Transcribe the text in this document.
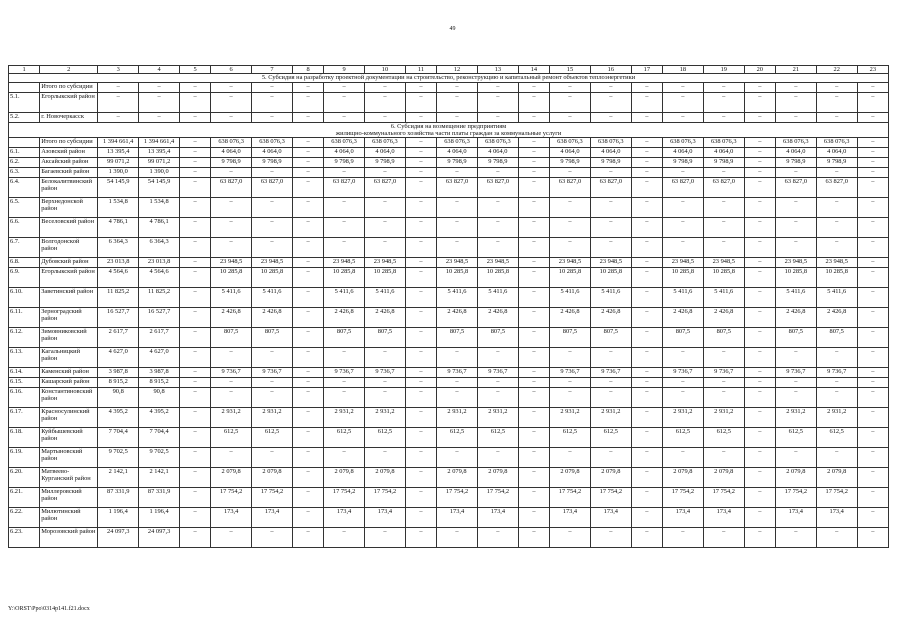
49
1	2	3	4	5	6	7	8	9	10	11	12	13	14	15	16	17	18	19	20	21	22	23
5. Субсидия на разработку проектной документации на строительство, реконструкцию и капитальный ремонт объектов теплоэнергетики																						
	Итого по субсидии	–	–	–	–	–	–	–	–	–	–	–	–	–	–	–	–	–	–	–	–	–
5.1.	Егорлыкский район	–	–	–	–	–	–	–	–	–	–	–	–	–	–	–	–	–	–	–	–	–
5.2.	г. Новочеркасск	–	–	–	–	–	–	–	–	–	–	–	–	–	–	–	–	–	–	–	–	–

6. Субсидия на возмещение предприятиям
жилищно-коммунального хозяйства части платы граждан за коммунальные услуги																						

	Итого по субсидии	1 394 661,4	1 394 661,4	–	638 076,3	638 076,3	–	638 076,3	638 076,3	–	638 076,3	638 076,3	–	638 076,3	638 076,3	–	638 076,3	638 076,3	–	638 076,3	638 076,3	–
6.1.	Азовский район	13 395,4	13 395,4	–	4 064,0	4 064,0	–	4 064,0	4 064,0	–	4 064,0	4 064,0	–	4 064,0	4 064,0	–	4 064,0	4 064,0	–	4 064,0	4 064,0	–
6.2.	Аксайский район	99 071,2	99 071,2	–	9 798,9	9 798,9	–	9 798,9	9 798,9	–	9 798,9	9 798,9	–	9 798,9	9 798,9	–	9 798,9	9 798,9	–	9 798,9	9 798,9	–
6.3.	Багаевский район	1 390,0	1 390,0	–	–	–	–	–	–	–	–	–	–	–	–	–	–	–	–	–	–	–
6.4.	Белокалитвинский район	54 145,9	54 145,9	–	63 827,0	63 827,0	–	63 827,0	63 827,0	–	63 827,0	63 827,0	–	63 827,0	63 827,0	–	63 827,0	63 827,0	–	63 827,0	63 827,0	–
6.5.	Верхнедонской район	1 534,8	1 534,8	–	–	–	–	–	–	–	–	–	–	–	–	–	–	–	–	–	–	–
6.6.	Веселовский район	4 786,1	4 786,1	–	–	–	–	–	–	–	–	–	–	–	–	–	–	–	–	–	–	–
6.7.	Волгодонской район	6 364,3	6 364,3	–	–	–	–	–	–	–	–	–	–	–	–	–	–	–	–	–	–	–
6.8.	Дубовский район	23 013,8	23 013,8	–	23 948,5	23 948,5	–	23 948,5	23 948,5	–	23 948,5	23 948,5	–	23 948,5	23 948,5	–	23 948,5	23 948,5	–	23 948,5	23 948,5	–
6.9.	Егорлыкский район	4 564,6	4 564,6	–	10 285,8	10 285,8	–	10 285,8	10 285,8	–	10 285,8	10 285,8	–	10 285,8	10 285,8	–	10 285,8	10 285,8	–	10 285,8	10 285,8	–
6.10.	Заветинский район	11 825,2	11 825,2	–	5 411,6	5 411,6	–	5 411,6	5 411,6	–	5 411,6	5 411,6	–	5 411,6	5 411,6	–	5 411,6	5 411,6	–	5 411,6	5 411,6	–
6.11.	Зерноградский район	16 527,7	16 527,7	–	2 426,8	2 426,8	–	2 426,8	2 426,8	–	2 426,8	2 426,8	–	2 426,8	2 426,8	–	2 426,8	2 426,8	–	2 426,8	2 426,8	–
6.12.	Зимовниковский район	2 617,7	2 617,7	–	807,5	807,5	–	807,5	807,5	–	807,5	807,5	–	807,5	807,5	–	807,5	807,5	–	807,5	807,5	–
6.13.	Кагальницкий район	4 627,0	4 627,0	–	–	–	–	–	–	–	–	–	–	–	–	–	–	–	–	–	–	–
6.14.	Каменский район	3 987,8	3 987,8	–	9 736,7	9 736,7	–	9 736,7	9 736,7	–	9 736,7	9 736,7	–	9 736,7	9 736,7	–	9 736,7	9 736,7	–	9 736,7	9 736,7	–
6.15.	Кашарский район	8 915,2	8 915,2	–	–	–	–	–	–	–	–	–	–	–	–	–	–	–	–	–	–	–
6.16.	Константиновский район	90,8	90,8	–	–	–	–	–	–	–	–	–	–	–	–	–	–	–	–	–	–	–
6.17.	Красносулинский район	4 395,2	4 395,2	–	2 931,2	2 931,2	–	2 931,2	2 931,2	–	2 931,2	2 931,2	–	2 931,2	2 931,2	–	2 931,2	2 931,2	–	2 931,2	2 931,2	–
6.18.	Куйбышевский район	7 704,4	7 704,4	–	612,5	612,5	–	612,5	612,5	–	612,5	612,5	–	612,5	612,5	–	612,5	612,5	–	612,5	612,5	–
6.19.	Мартыновский район	9 702,5	9 702,5	–	–	–	–	–	–	–	–	–	–	–	–	–	–	–	–	–	–	–
6.20.	Матвеево-Курганский район	2 142,1	2 142,1	–	2 079,8	2 079,8	–	2 079,8	2 079,8	–	2 079,8	2 079,8	–	2 079,8	2 079,8	–	2 079,8	2 079,8	–	2 079,8	2 079,8	–
6.21.	Миллеровский район	87 331,9	87 331,9	–	17 754,2	17 754,2	–	17 754,2	17 754,2	–	17 754,2	17 754,2	–	17 754,2	17 754,2	–	17 754,2	17 754,2	–	17 754,2	17 754,2	–
6.22.	Милютинский район	1 196,4	1 196,4	–	173,4	173,4	–	173,4	173,4	–	173,4	173,4	–	173,4	173,4	–	173,4	173,4	–	173,4	173,4	–
6.23.	Морозовский район	24 097,3	24 097,3	–	–	–	–	–	–	–	–	–	–	–	–	–	–	–	–	–	–	–
Y:\ORST\Ppo\0314p141.f21.docx
